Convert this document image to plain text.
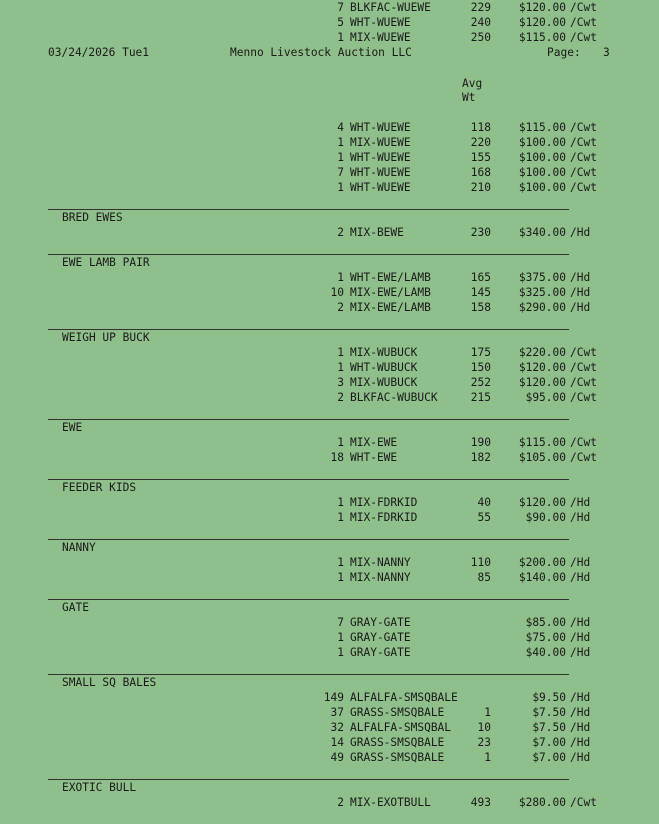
7 BLKFAC-WUEWE	229	$120.00 /Cwt
5 WHT-WUEWE	240	$120.00 /Cwt
1 MIX-WUEWE	250	$115.00 /Cwt
03/24/2026 Tue1	Menno Livestock Auction LLC	Page: 3
Avg
Wt
4 WHT-WUEWE	118	$115.00 /Cwt
1 MIX-WUEWE	220	$100.00 /Cwt
1 WHT-WUEWE	155	$100.00 /Cwt
7 WHT-WUEWE	168	$100.00 /Cwt
1 WHT-WUEWE	210	$100.00 /Cwt
BRED EWES
2 MIX-BEWE	230	$340.00 /Hd
EWE LAMB PAIR
1 WHT-EWE/LAMB	165	$375.00 /Hd
10 MIX-EWE/LAMB	145	$325.00 /Hd
2 MIX-EWE/LAMB	158	$290.00 /Hd
WEIGH UP BUCK
1 MIX-WUBUCK	175	$220.00 /Cwt
1 WHT-WUBUCK	150	$120.00 /Cwt
3 MIX-WUBUCK	252	$120.00 /Cwt
2 BLKFAC-WUBUCK	215	$95.00 /Cwt
EWE
1 MIX-EWE	190	$115.00 /Cwt
18 WHT-EWE	182	$105.00 /Cwt
FEEDER KIDS
1 MIX-FDRKID	40	$120.00 /Hd
1 MIX-FDRKID	55	$90.00 /Hd
NANNY
1 MIX-NANNY	110	$200.00 /Hd
1 MIX-NANNY	85	$140.00 /Hd
GATE
7 GRAY-GATE	$85.00 /Hd
1 GRAY-GATE	$75.00 /Hd
1 GRAY-GATE	$40.00 /Hd
SMALL SQ BALES
149 ALFALFA-SMSQBALE	$9.50 /Hd
37 GRASS-SMSQBALE	1	$7.50 /Hd
32 ALFALFA-SMSQBAL	10	$7.50 /Hd
14 GRASS-SMSQBALE	23	$7.00 /Hd
49 GRASS-SMSQBALE	1	$7.00 /Hd
EXOTIC BULL
2 MIX-EXOTBULL	493	$280.00 /Cwt
